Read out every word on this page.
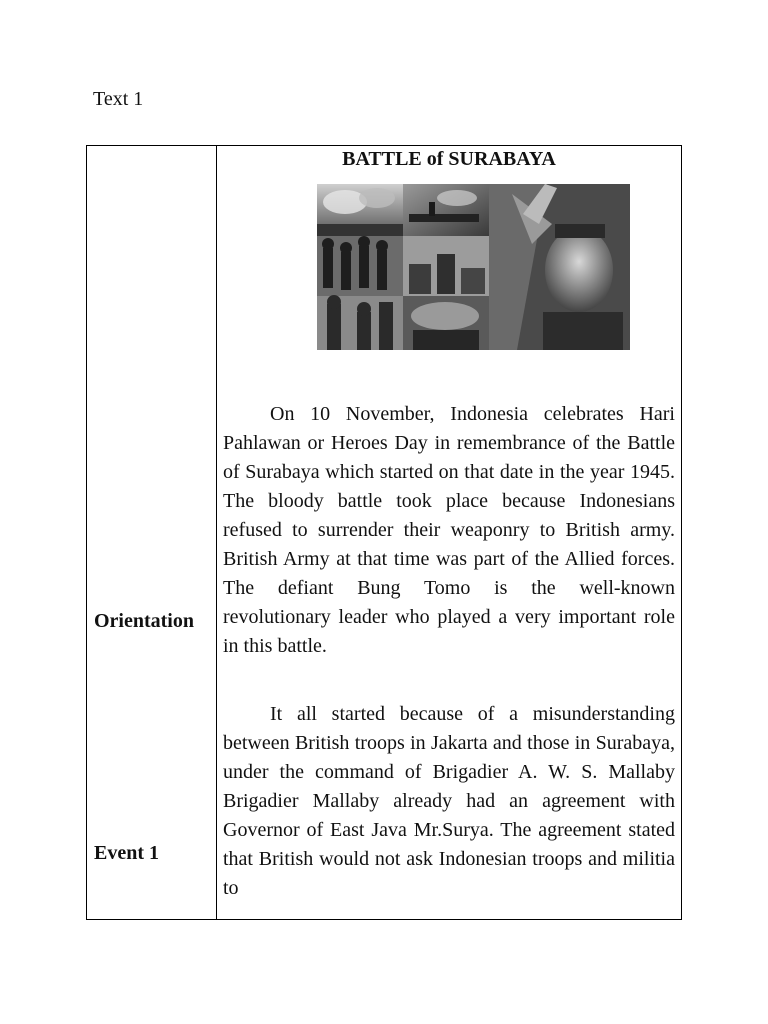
Text 1
BATTLE of SURABAYA
Orientation

On 10 November, Indonesia celebrates Hari Pahlawan or Heroes Day in remembrance of the Battle of Surabaya which started on that date in the year 1945. The bloody battle took place because Indonesians refused to surrender their weaponry to British army. British Army at that time was part of the Allied forces. The defiant Bung Tomo is the well-known revolutionary leader who played a very important role in this battle.

Event 1

It all started because of a misunderstanding between British troops in Jakarta and those in Surabaya, under the command of Brigadier A. W. S. Mallaby Brigadier Mallaby already had an agreement with Governor of East Java Mr.Surya. The agreement stated that British would not ask Indonesian troops and militia to
